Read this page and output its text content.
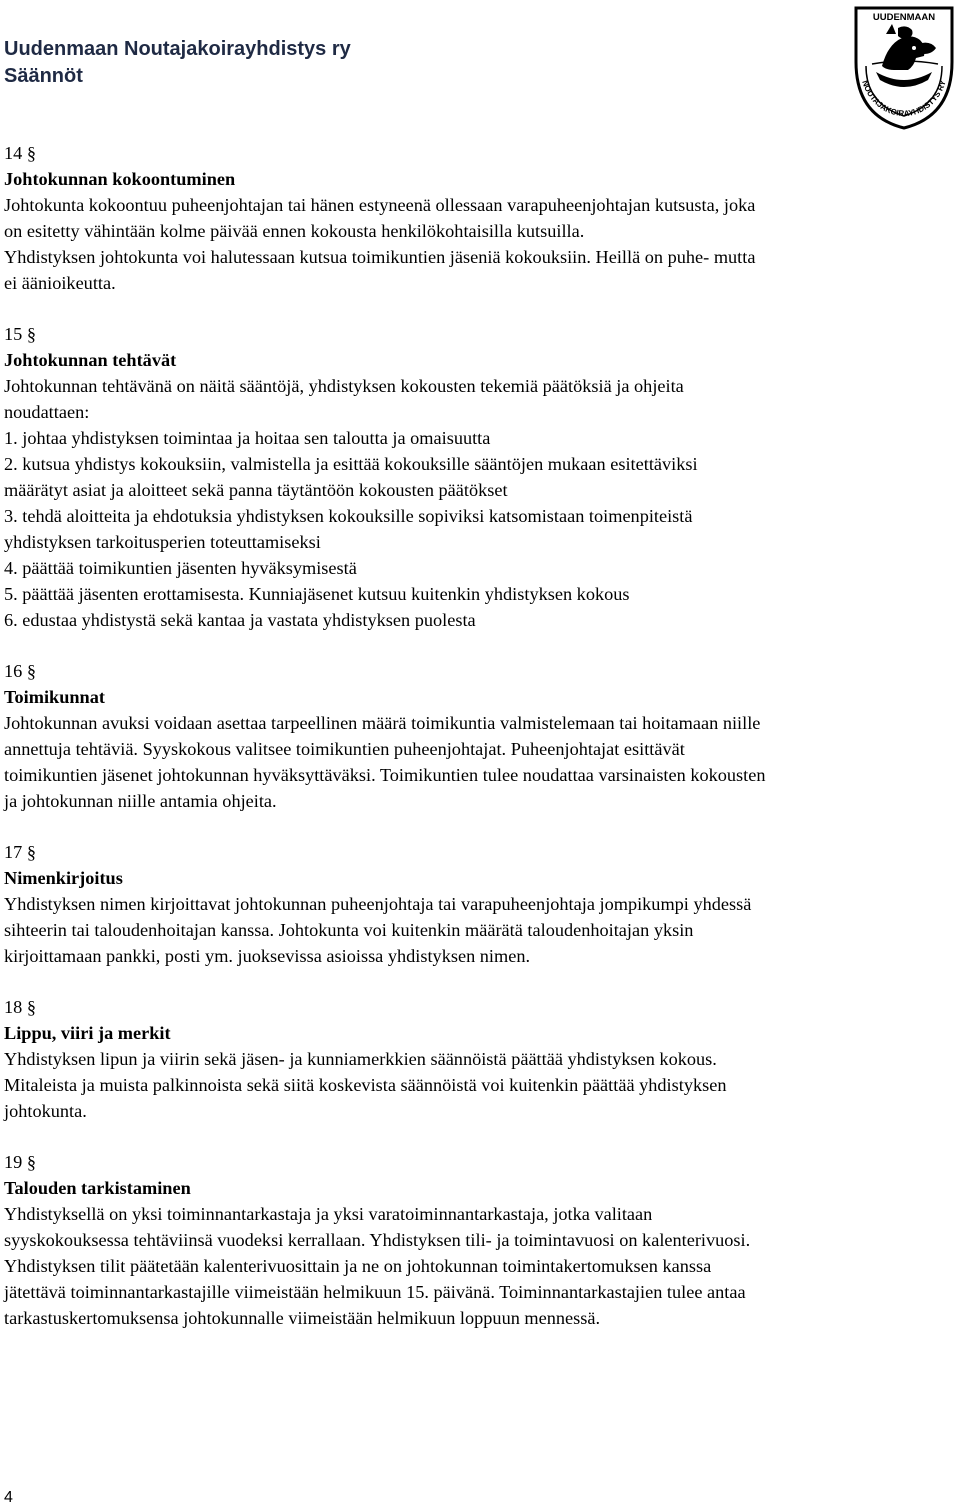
Uudenmaan Noutajakoirayhdistys ry
Säännöt
UUDENMAAN
NOUTAJAKOIRAYHDISTYS RY
14 §
Johtokunnan kokoontuminen
Johtokunta kokoontuu puheenjohtajan tai hänen estyneenä ollessaan varapuheenjohtajan kutsusta, joka
on esitetty vähintään kolme päivää ennen kokousta henkilökohtaisilla kutsuilla.
Yhdistyksen johtokunta voi halutessaan kutsua toimikuntien jäseniä kokouksiin. Heillä on puhe- mutta
ei äänioikeutta.
15 §
Johtokunnan tehtävät
Johtokunnan tehtävänä on näitä sääntöjä, yhdistyksen kokousten tekemiä päätöksiä ja ohjeita
noudattaen:
1. johtaa yhdistyksen toimintaa ja hoitaa sen taloutta ja omaisuutta
2. kutsua yhdistys kokouksiin, valmistella ja esittää kokouksille sääntöjen mukaan esitettäviksi
määrätyt asiat ja aloitteet sekä panna täytäntöön kokousten päätökset
3. tehdä aloitteita ja ehdotuksia yhdistyksen kokouksille sopiviksi katsomistaan toimenpiteistä
yhdistyksen tarkoitusperien toteuttamiseksi
4. päättää toimikuntien jäsenten hyväksymisestä
5. päättää jäsenten erottamisesta. Kunniajäsenet kutsuu kuitenkin yhdistyksen kokous
6. edustaa yhdistystä sekä kantaa ja vastata yhdistyksen puolesta
16 §
Toimikunnat
Johtokunnan avuksi voidaan asettaa tarpeellinen määrä toimikuntia valmistelemaan tai hoitamaan niille
annettuja tehtäviä. Syyskokous valitsee toimikuntien puheenjohtajat. Puheenjohtajat esittävät
toimikuntien jäsenet johtokunnan hyväksyttäväksi. Toimikuntien tulee noudattaa varsinaisten kokousten
ja johtokunnan niille antamia ohjeita.
17 §
Nimenkirjoitus
Yhdistyksen nimen kirjoittavat johtokunnan puheenjohtaja tai varapuheenjohtaja jompikumpi yhdessä
sihteerin tai taloudenhoitajan kanssa. Johtokunta voi kuitenkin määrätä taloudenhoitajan yksin
kirjoittamaan pankki, posti ym. juoksevissa asioissa yhdistyksen nimen.
18 §
Lippu, viiri ja merkit
Yhdistyksen lipun ja viirin sekä jäsen- ja kunniamerkkien säännöistä päättää yhdistyksen kokous.
Mitaleista ja muista palkinnoista sekä siitä koskevista säännöistä voi kuitenkin päättää yhdistyksen
johtokunta.
19 §
Talouden tarkistaminen
Yhdistyksellä on yksi toiminnantarkastaja ja yksi varatoiminnantarkastaja, jotka valitaan
syyskokouksessa tehtäviinsä vuodeksi kerrallaan. Yhdistyksen tili- ja toimintavuosi on kalenterivuosi.
Yhdistyksen tilit päätetään kalenterivuosittain ja ne on johtokunnan toimintakertomuksen kanssa
jätettävä toiminnantarkastajille viimeistään helmikuun 15. päivänä. Toiminnantarkastajien tulee antaa
tarkastuskertomuksensa johtokunnalle viimeistään helmikuun loppuun mennessä.
4
